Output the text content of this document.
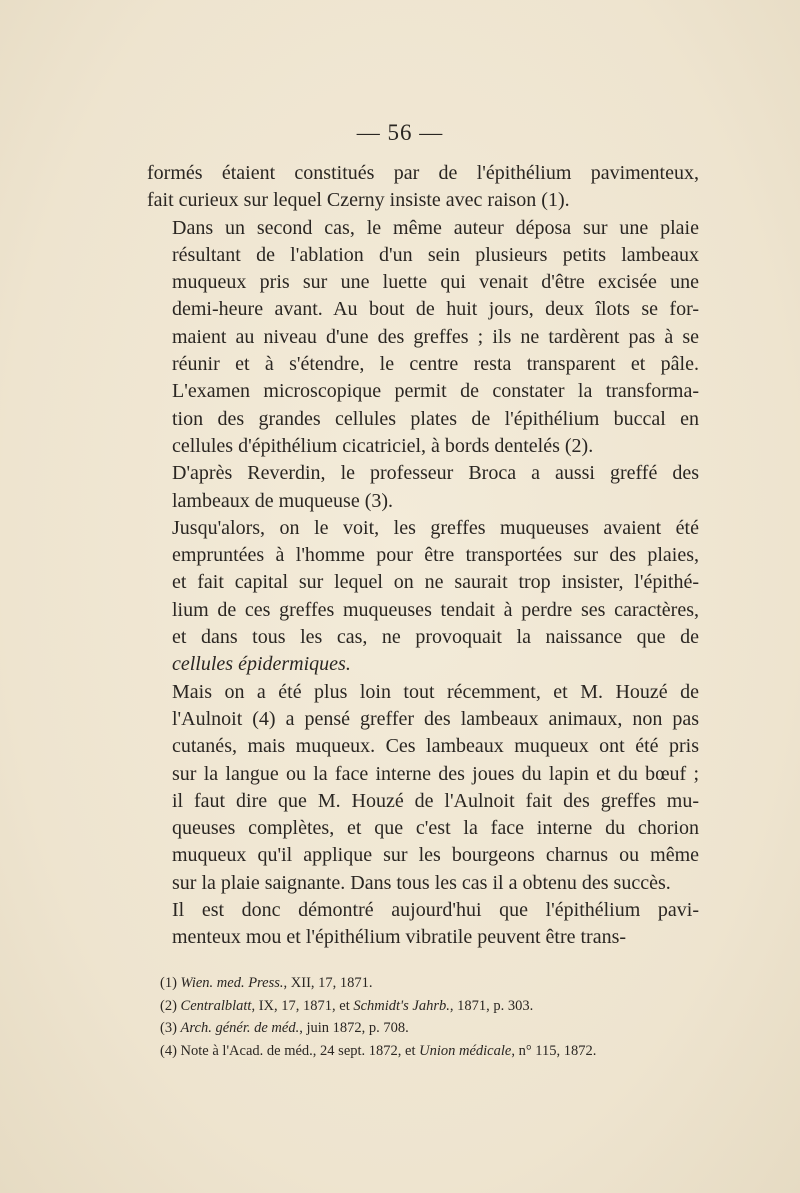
— 56 —

formés étaient constitués par de l'épithélium pavimenteux,
fait curieux sur lequel Czerny insiste avec raison (1).

Dans un second cas, le même auteur déposa sur une plaie
résultant de l'ablation d'un sein plusieurs petits lambeaux
muqueux pris sur une luette qui venait d'être excisée une
demi-heure avant. Au bout de huit jours, deux îlots se for-
maient au niveau d'une des greffes ; ils ne tardèrent pas à se
réunir et à s'étendre, le centre resta transparent et pâle.
L'examen microscopique permit de constater la transforma-
tion des grandes cellules plates de l'épithélium buccal en
cellules d'épithélium cicatriciel, à bords dentelés (2).

D'après Reverdin, le professeur Broca a aussi greffé des
lambeaux de muqueuse (3).

Jusqu'alors, on le voit, les greffes muqueuses avaient été
empruntées à l'homme pour être transportées sur des plaies,
et fait capital sur lequel on ne saurait trop insister, l'épithé-
lium de ces greffes muqueuses tendait à perdre ses caractères,
et dans tous les cas, ne provoquait la naissance que de
cellules épidermiques.

Mais on a été plus loin tout récemment, et M. Houzé de
l'Aulnoit (4) a pensé greffer des lambeaux animaux, non pas
cutanés, mais muqueux. Ces lambeaux muqueux ont été pris
sur la langue ou la face interne des joues du lapin et du bœuf ;
il faut dire que M. Houzé de l'Aulnoit fait des greffes mu-
queuses complètes, et que c'est la face interne du chorion
muqueux qu'il applique sur les bourgeons charnus ou même
sur la plaie saignante. Dans tous les cas il a obtenu des succès.

Il est donc démontré aujourd'hui que l'épithélium pavi-
menteux mou et l'épithélium vibratile peuvent être trans-

(1) Wien. med. Press., XII, 17, 1871.
(2) Centralblatt, IX, 17, 1871, et Schmidt's Jahrb., 1871, p. 303.
(3) Arch. génér. de méd., juin 1872, p. 708.
(4) Note à l'Acad. de méd., 24 sept. 1872, et Union médicale, n° 115, 1872.
